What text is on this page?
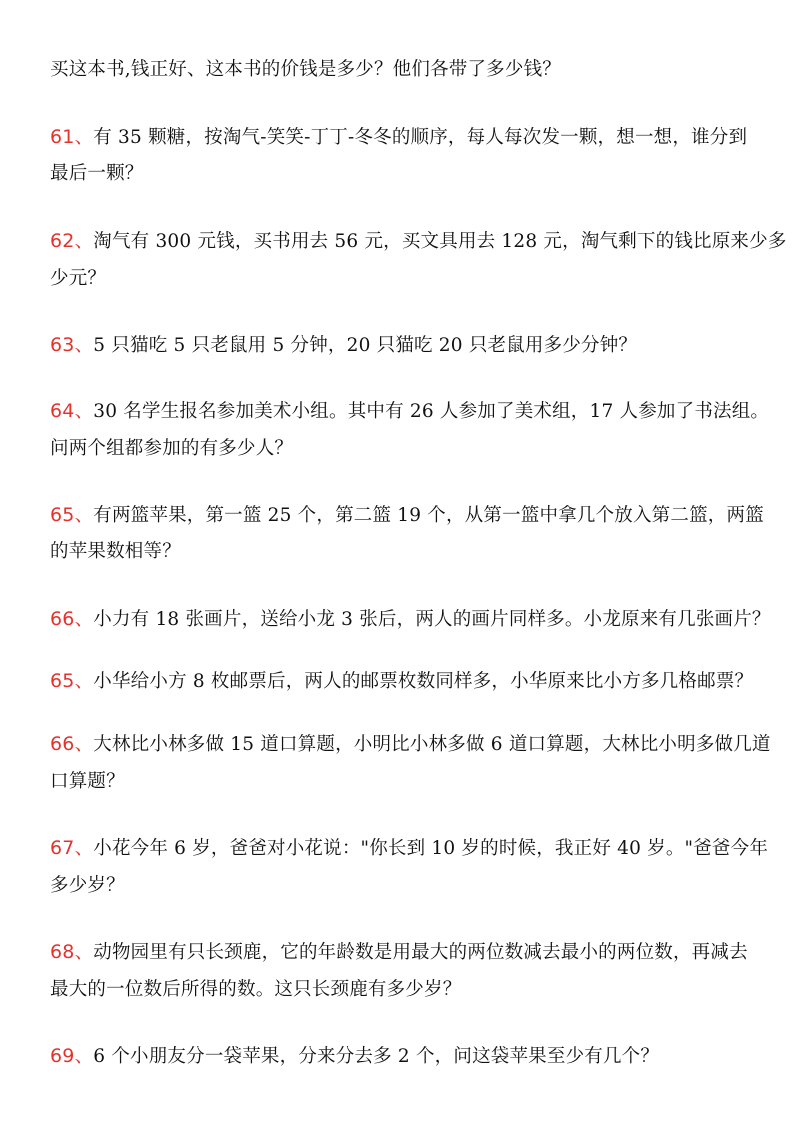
买这本书,钱正好、这本书的价钱是多少？他们各带了多少钱？
61、有 35 颗糖，按淘气-笑笑-丁丁-冬冬的顺序，每人每次发一颗，想一想，谁分到
最后一颗？
62、淘气有 300 元钱，买书用去 56 元，买文具用去 128 元，淘气剩下的钱比原来少多
少元？
63、5 只猫吃 5 只老鼠用 5 分钟，20 只猫吃 20 只老鼠用多少分钟？
64、30 名学生报名参加美术小组。其中有 26 人参加了美术组，17 人参加了书法组。
问两个组都参加的有多少人？
65、有两篮苹果，第一篮 25 个，第二篮 19 个，从第一篮中拿几个放入第二篮，两篮
的苹果数相等？
66、小力有 18 张画片，送给小龙 3 张后，两人的画片同样多。小龙原来有几张画片？
65、小华给小方 8 枚邮票后，两人的邮票枚数同样多，小华原来比小方多几格邮票？
66、大林比小林多做 15 道口算题，小明比小林多做 6 道口算题，大林比小明多做几道
口算题？
67、小花今年 6 岁，爸爸对小花说："你长到 10 岁的时候，我正好 40 岁。"爸爸今年
多少岁？
68、动物园里有只长颈鹿，它的年龄数是用最大的两位数减去最小的两位数，再减去
最大的一位数后所得的数。这只长颈鹿有多少岁？
69、6 个小朋友分一袋苹果，分来分去多 2 个，问这袋苹果至少有几个？
